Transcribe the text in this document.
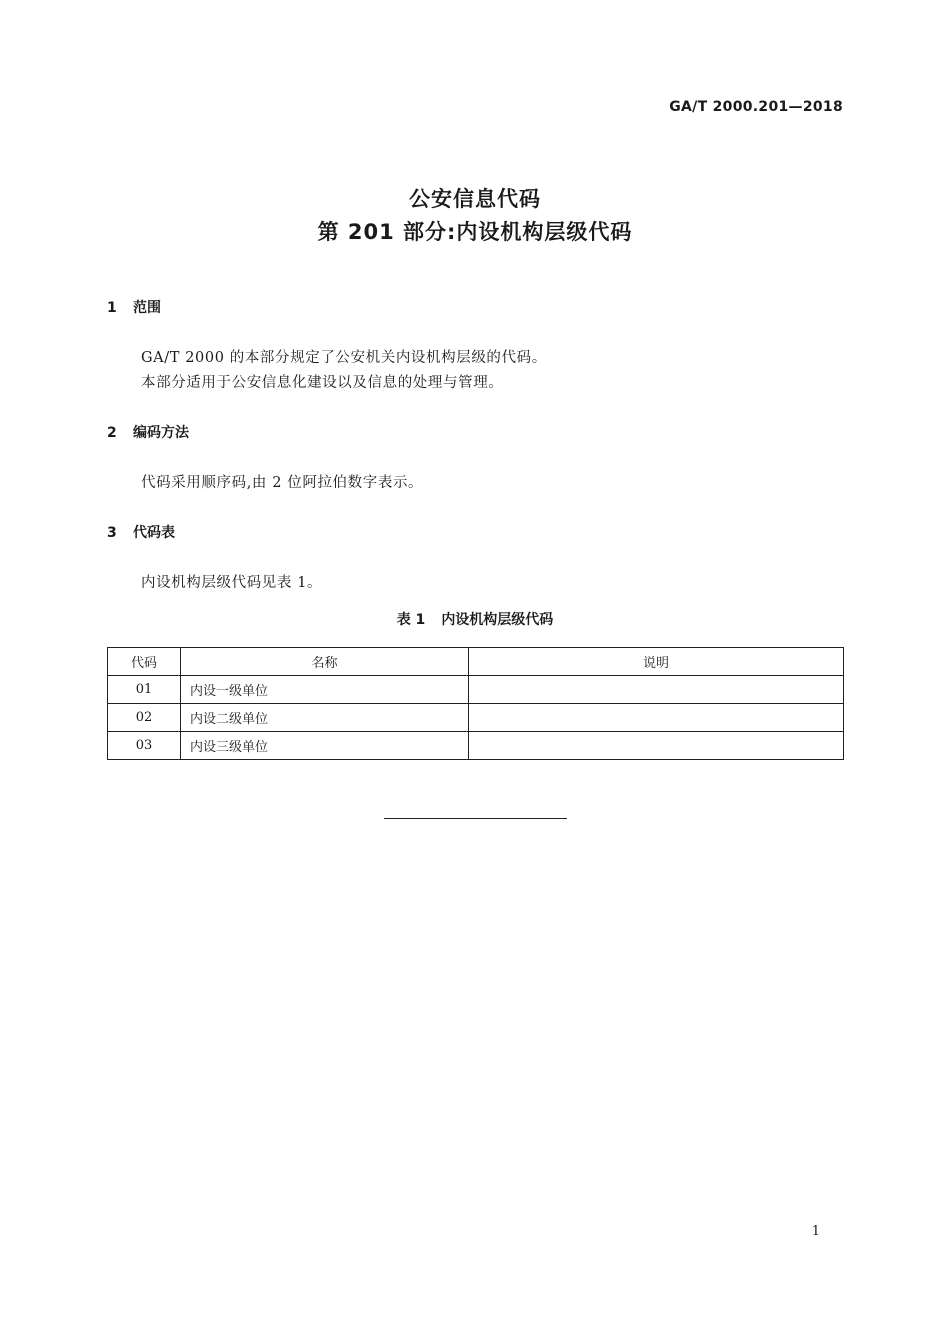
GA/T 2000.201—2018
公安信息代码
第 201 部分:内设机构层级代码
1 范围
GA/T 2000 的本部分规定了公安机关内设机构层级的代码。
本部分适用于公安信息化建设以及信息的处理与管理。
2 编码方法
代码采用顺序码,由 2 位阿拉伯数字表示。
3 代码表
内设机构层级代码见表 1。
表 1 内设机构层级代码
代码	名称	说明
01	内设一级单位	
02	内设二级单位	
03	内设三级单位	
1
